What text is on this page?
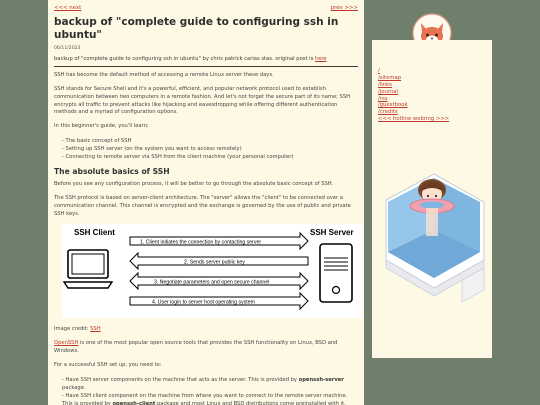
<<< next	prev >>>
backup of "complete guide to configuring ssh in ubuntu"
06/11/2023
backup of "complete guide to configuring ssh in ubuntu" by chris patrick carias stas. original post is here

SSH has become the default method of accessing a remote Linux server these days.

SSH stands for Secure Shell and it's a powerful, efficient, and popular network protocol used to establish communication between two computers in a remote fashion. And let's not forget the secure part of its name; SSH encrypts all traffic to prevent attacks like hijacking and eavesdropping while offering different authentication methods and a myriad of configuration options.

In this beginner's guide, you'll learn:

- The basic concept of SSH
- Setting up SSH server (on the system you want to access remotely)
- Connecting to remote server via SSH from the client machine (your personal computer)
The absolute basics of SSH

Before you see any configuration process, it will be better to go through the absolute basic concept of SSH.

The SSH protocol is based on server-client architecture. The "server" allows the "client" to be connected over a communication channel. This channel is encrypted and the exchange is governed by the use of public and private SSH keys.

SSH Client	SSH Server
1. Client initiates the connection by contacting server
2. Sends server public key
3. Negotiate parameters and open secure channel
4. User login to server host operating system

Image credit: SSH

OpenSSH is one of the most popular open source tools that provides the SSH functionality on Linux, BSD and Windows.

For a successful SSH set up, you need to:

- Have SSH server components on the machine that acts as the server. This is provided by openssh-server package.
- Have SSH client component on the machine from where you want to connect to the remote server machine. This is provided by openssh-client package and most Linux and BSD distributions come preinstalled with it.
/
/sitemap
/links
/journal
/rss
/guestbook
/credits
<<< hotline webring >>>
